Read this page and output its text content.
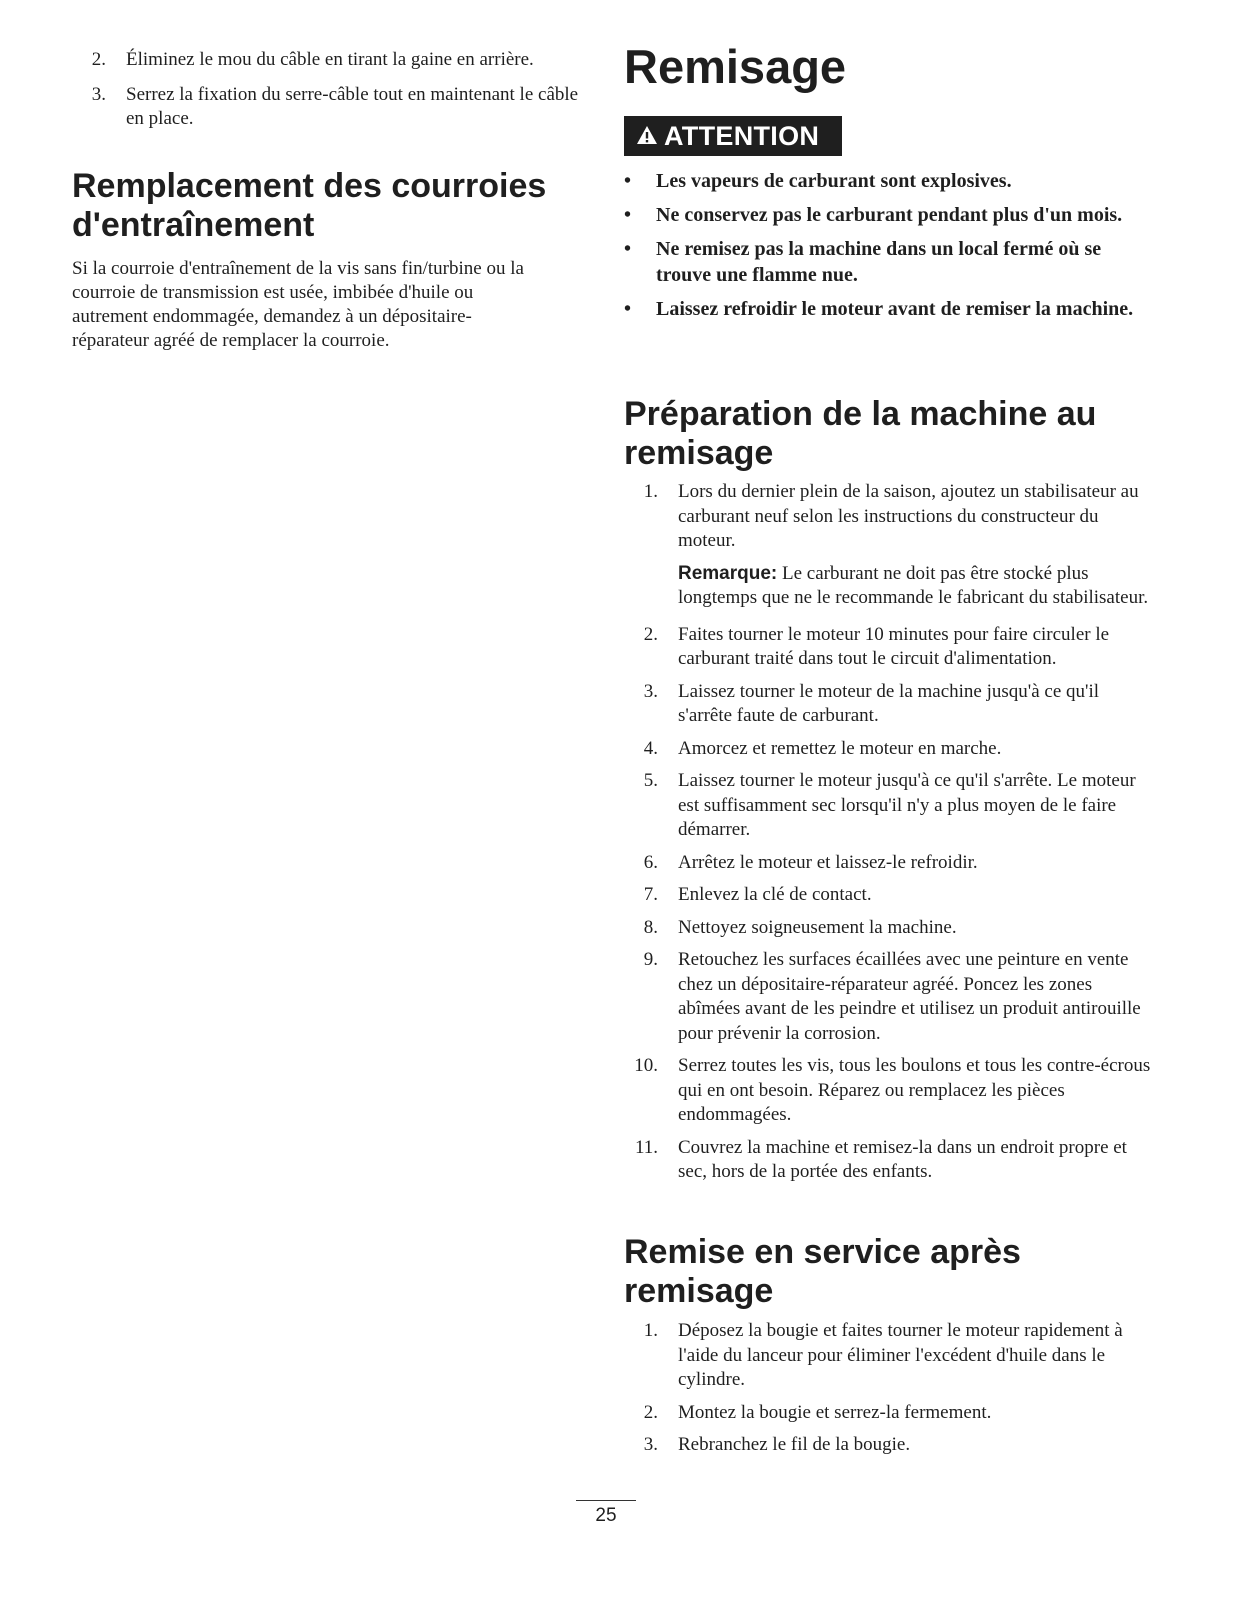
2. Éliminez le mou du câble en tirant la gaine en arrière.
3. Serrez la fixation du serre-câble tout en maintenant le câble en place.
Remplacement des courroies d'entraînement

Si la courroie d'entraînement de la vis sans fin/turbine ou la courroie de transmission est usée, imbibée d'huile ou autrement endommagée, demandez à un dépositaire-réparateur agréé de remplacer la courroie.

Remisage
ATTENTION
• Les vapeurs de carburant sont explosives.
• Ne conservez pas le carburant pendant plus d'un mois.
• Ne remisez pas la machine dans un local fermé où se trouve une flamme nue.
• Laissez refroidir le moteur avant de remiser la machine.
Préparation de la machine au remisage
1. Lors du dernier plein de la saison, ajoutez un stabilisateur au carburant neuf selon les instructions du constructeur du moteur.
Remarque: Le carburant ne doit pas être stocké plus longtemps que ne le recommande le fabricant du stabilisateur.
2. Faites tourner le moteur 10 minutes pour faire circuler le carburant traité dans tout le circuit d'alimentation.
3. Laissez tourner le moteur de la machine jusqu'à ce qu'il s'arrête faute de carburant.
4. Amorcez et remettez le moteur en marche.
5. Laissez tourner le moteur jusqu'à ce qu'il s'arrête. Le moteur est suffisamment sec lorsqu'il n'y a plus moyen de le faire démarrer.
6. Arrêtez le moteur et laissez-le refroidir.
7. Enlevez la clé de contact.
8. Nettoyez soigneusement la machine.
9. Retouchez les surfaces écaillées avec une peinture en vente chez un dépositaire-réparateur agréé. Poncez les zones abîmées avant de les peindre et utilisez un produit antirouille pour prévenir la corrosion.
10. Serrez toutes les vis, tous les boulons et tous les contre-écrous qui en ont besoin. Réparez ou remplacez les pièces endommagées.
11. Couvrez la machine et remisez-la dans un endroit propre et sec, hors de la portée des enfants.
Remise en service après remisage
1. Déposez la bougie et faites tourner le moteur rapidement à l'aide du lanceur pour éliminer l'excédent d'huile dans le cylindre.
2. Montez la bougie et serrez-la fermement.
3. Rebranchez le fil de la bougie.
25
